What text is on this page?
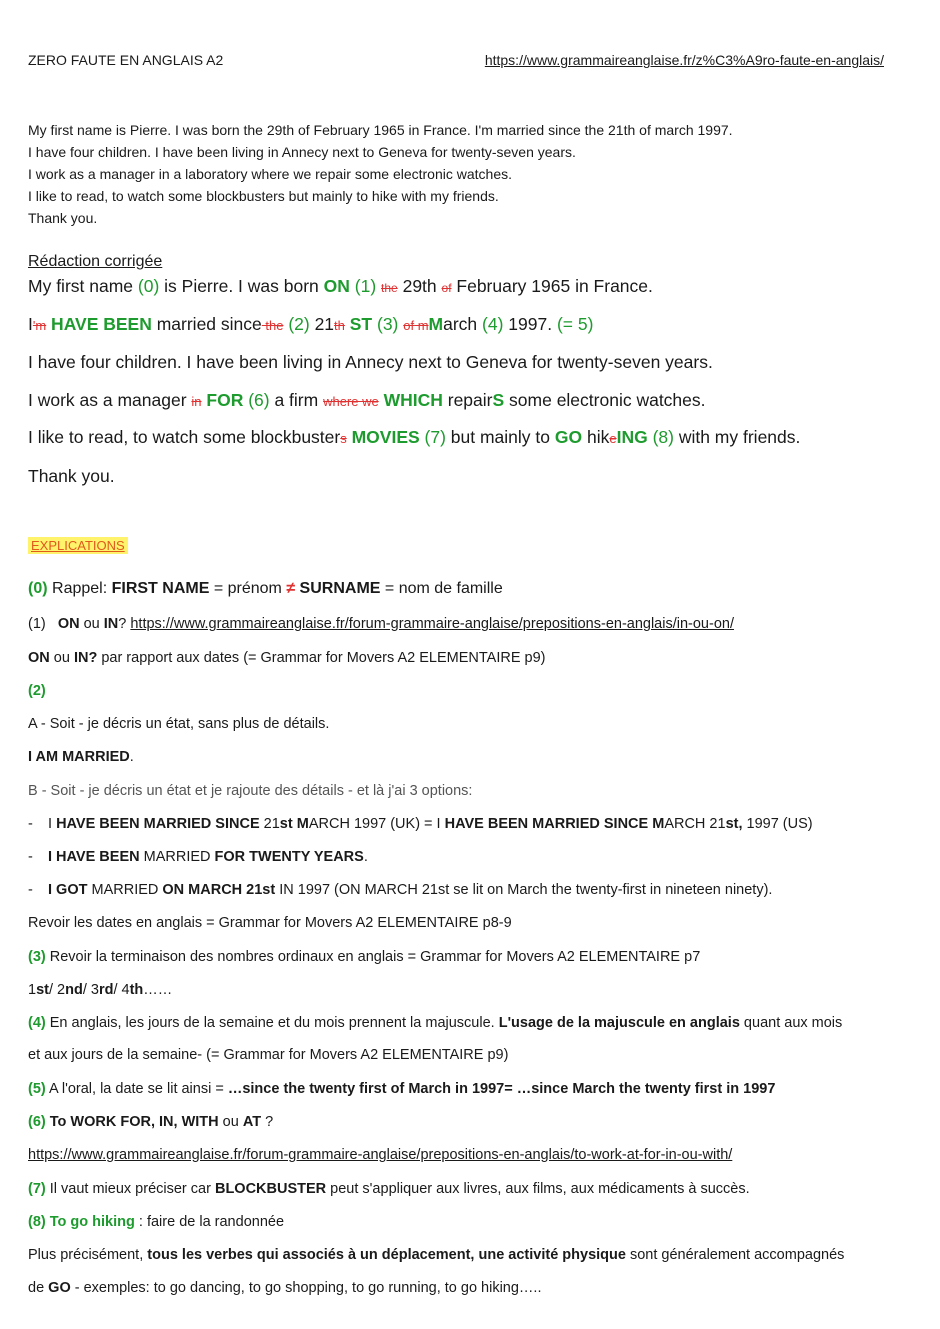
ZERO FAUTE EN ANGLAIS A2	https://www.grammaireanglaise.fr/z%C3%A9ro-faute-en-anglais/
My first name is Pierre. I was born the 29th of February 1965 in France. I'm married since the 21th of march 1997.
I have four children. I have been living in Annecy next to Geneva for twenty-seven years.
I work as a manager in a laboratory where we repair some electronic watches.
I like to read, to watch some blockbusters but mainly to hike with my friends.
Thank you.
Rédaction corrigée
My first name (0) is Pierre. I was born ON (1) the 29th of February 1965 in France.
I'm HAVE BEEN married since the (2) 21th ST (3) of mMarch (4) 1997. (= 5)
I have four children. I have been living in Annecy next to Geneva for twenty-seven years.
I work as a manager in FOR (6) a firm where we WHICH repairS some electronic watches.
I like to read, to watch some blockbusters MOVIES (7) but mainly to GO hikeING (8) with my friends.
Thank you.
EXPLICATIONS
(0) Rappel: FIRST NAME = prénom ≠ SURNAME = nom de famille
(1) ON ou IN? https://www.grammaireanglaise.fr/forum-grammaire-anglaise/prepositions-en-anglais/in-ou-on/
ON ou IN? par rapport aux dates (= Grammar for Movers A2 ELEMENTAIRE p9)
(2)
A - Soit - je décris un état, sans plus de détails.
I AM MARRIED.
B - Soit - je décris un état et je rajoute des détails - et là j'ai 3 options:
- I HAVE BEEN MARRIED SINCE 21st MARCH 1997 (UK) = I HAVE BEEN MARRIED SINCE MARCH 21st, 1997 (US)
- I HAVE BEEN MARRIED FOR TWENTY YEARS.
- I GOT MARRIED ON MARCH 21st IN 1997 (ON MARCH 21st se lit on March the twenty-first in nineteen ninety).
Revoir les dates en anglais = Grammar for Movers A2 ELEMENTAIRE p8-9
(3) Revoir la terminaison des nombres ordinaux en anglais = Grammar for Movers A2 ELEMENTAIRE p7
1st/ 2nd/ 3rd/ 4th……
(4) En anglais, les jours de la semaine et du mois prennent la majuscule. L'usage de la majuscule en anglais quant aux mois
et aux jours de la semaine- (= Grammar for Movers A2 ELEMENTAIRE p9)
(5) A l'oral, la date se lit ainsi = …since the twenty first of March in 1997= …since March the twenty first in 1997
(6) To WORK FOR, IN, WITH ou AT ?
https://www.grammaireanglaise.fr/forum-grammaire-anglaise/prepositions-en-anglais/to-work-at-for-in-ou-with/
(7) Il vaut mieux préciser car BLOCKBUSTER peut s'appliquer aux livres, aux films, aux médicaments à succès.
(8) To go hiking : faire de la randonnée
Plus précisément, tous les verbes qui associés à un déplacement, une activité physique sont généralement accompagnés
de GO - exemples: to go dancing, to go shopping, to go running, to go hiking…..
